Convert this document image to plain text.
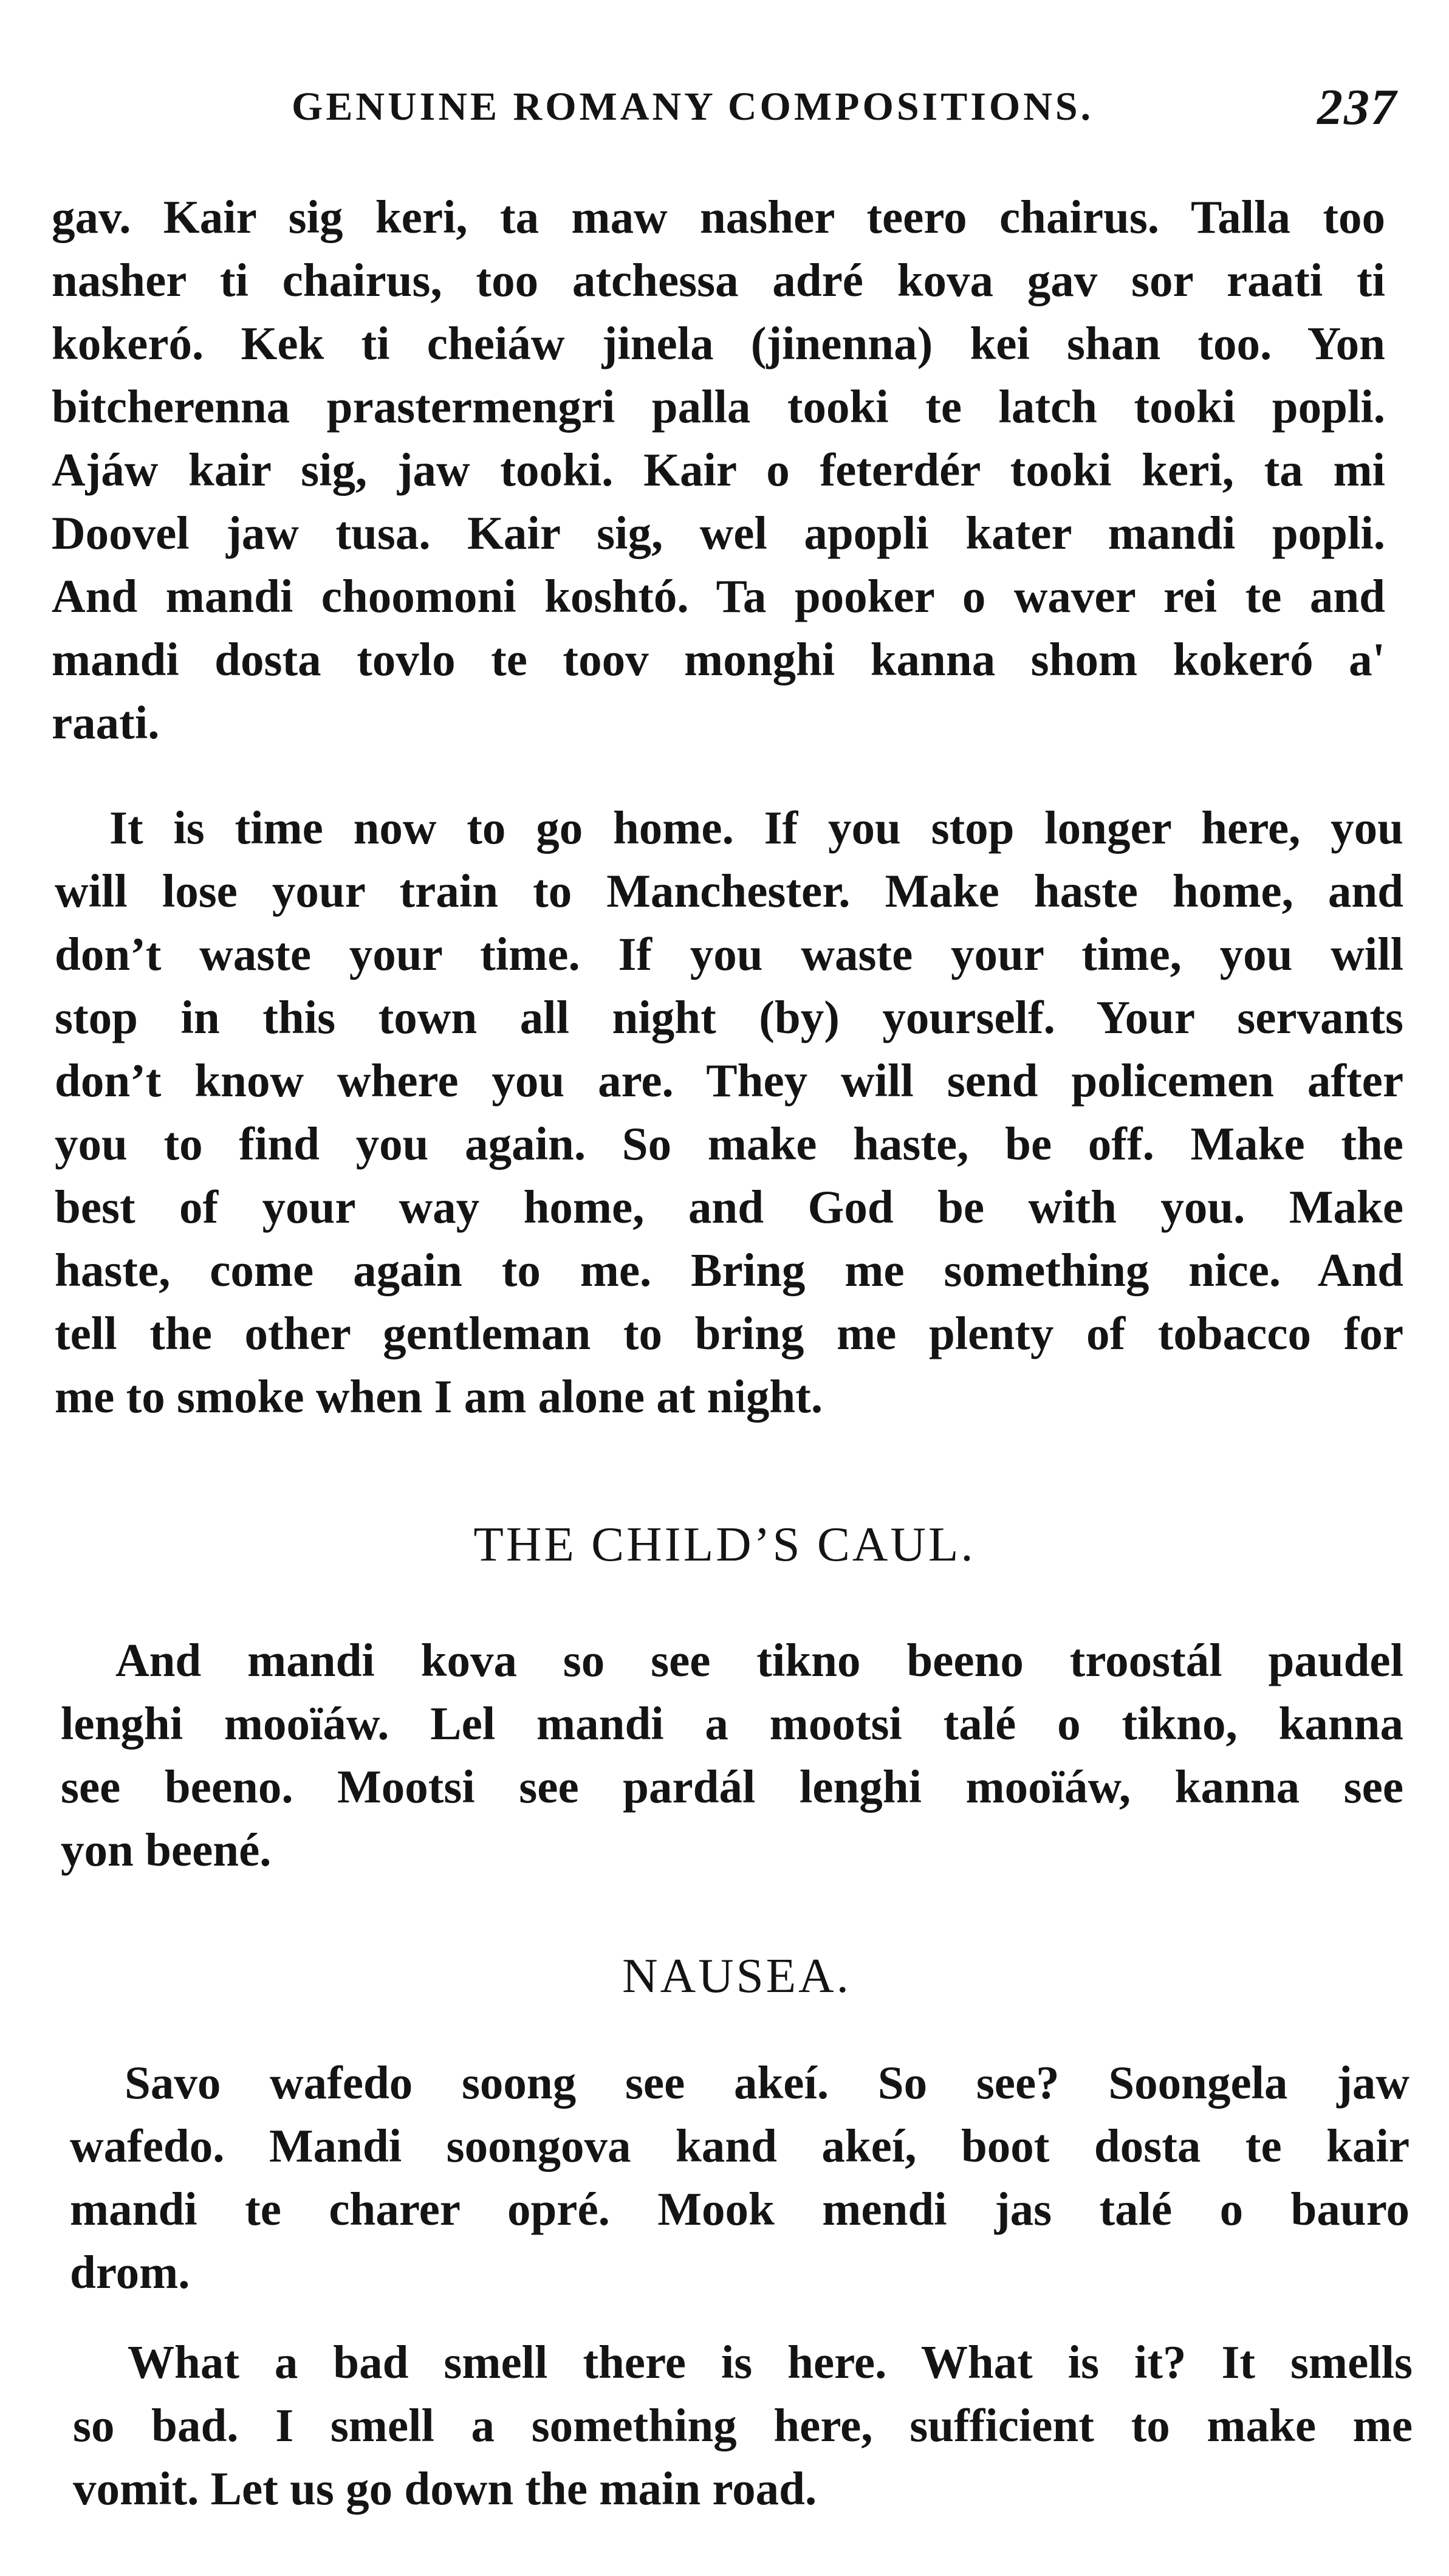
GENUINE ROMANY COMPOSITIONS.	237

gav. Kair sig keri, ta maw nasher teero chairus. Talla too
nasher ti chairus, too atchessa adré kova gav sor raati ti
kokeró. Kek ti cheiáw jinela (jinenna) kei shan too. Yon
bitcherenna prastermengri palla tooki te latch tooki popli.
Ajáw kair sig, jaw tooki. Kair o feterdér tooki keri, ta mi
Doovel jaw tusa. Kair sig, wel apopli kater mandi popli.
And mandi choomoni koshtó. Ta pooker o waver rei te and
mandi dosta tovlo te toov monghi kanna shom kokeró a'
raati.

It is time now to go home. If you stop longer here, you
will lose your train to Manchester. Make haste home, and
don’t waste your time. If you waste your time, you will
stop in this town all night (by) yourself. Your servants
don’t know where you are. They will send policemen after
you to find you again. So make haste, be off. Make the
best of your way home, and God be with you. Make
haste, come again to me. Bring me something nice. And
tell the other gentleman to bring me plenty of tobacco for
me to smoke when I am alone at night.

THE CHILD’S CAUL.

And mandi kova so see tikno beeno troostál paudel
lenghi mooïáw. Lel mandi a mootsi talé o tikno, kanna
see beeno. Mootsi see pardál lenghi mooïáw, kanna see
yon beené.

NAUSEA.

Savo wafedo soong see akeí. So see? Soongela jaw
wafedo. Mandi soongova kand akeí, boot dosta te kair
mandi te charer opré. Mook mendi jas talé o bauro
drom.

What a bad smell there is here. What is it? It smells
so bad. I smell a something here, sufficient to make me
vomit. Let us go down the main road.
